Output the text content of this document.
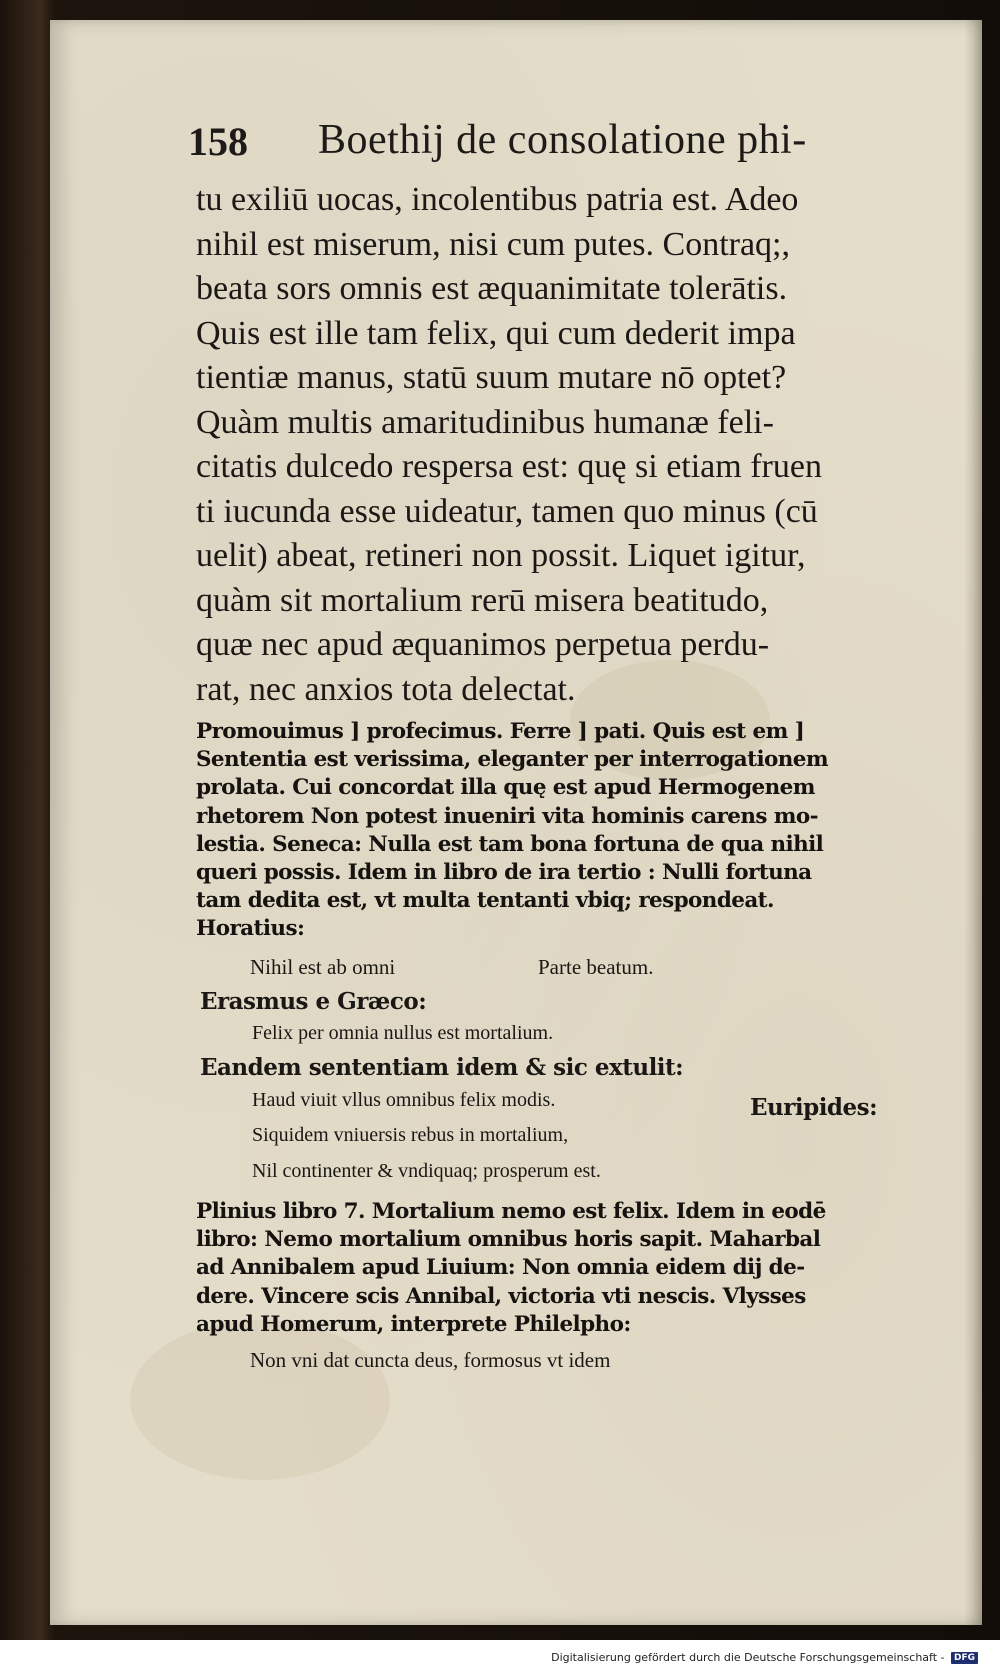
158 Boethij de consolatione phi-
tu exiliū uocas, incolentibus patria est. Adeo
nihil est miserum, nisi cum putes. Contraq;,
beata sors omnis est æquanimitate tolerātis.
Quis est ille tam felix, qui cum dederit impa
tientiæ manus, statū suum mutare nō optet?
Quàm multis amaritudinibus humanæ feli-
citatis dulcedo respersa est: quę si etiam fruen
ti iucunda esse uideatur, tamen quo minus (cū
uelit) abeat, retineri non possit. Liquet igitur,
quàm sit mortalium rerū misera beatitudo,
quæ nec apud æquanimos perpetua perdu-
rat, nec anxios tota delectat.
Promouimus ] profecimus. Ferre ] pati. Quis est em ]
Sententia est verissima, eleganter per interrogationem
prolata. Cui concordat illa quę est apud Hermogenem
rhetorem Non potest inueniri vita hominis carens mo-
lestia. Seneca: Nulla est tam bona fortuna de qua nihil
queri possis. Idem in libro de ira tertio : Nulli fortuna
tam dedita est, vt multa tentanti vbiq; respondeat.
Horatius:
Nihil est ab omni	Parte beatum.
Erasmus e Græco:
Felix per omnia nullus est mortalium.
Eandem sententiam idem & sic extulit:
Haud viuit vllus omnibus felix modis.	Euripides:
Siquidem vniuersis rebus in mortalium,
Nil continenter & vndiquaq; prosperum est.
Plinius libro 7. Mortalium nemo est felix. Idem in eodē
libro: Nemo mortalium omnibus horis sapit. Maharbal
ad Annibalem apud Liuium: Non omnia eidem dij de-
dere. Vincere scis Annibal, victoria vti nescis. Vlysses
apud Homerum, interprete Philelpho:
Non vni dat cuncta deus, formosus vt idem
Digitalisierung gefördert durch die Deutsche Forschungsgemeinschaft - DFG
